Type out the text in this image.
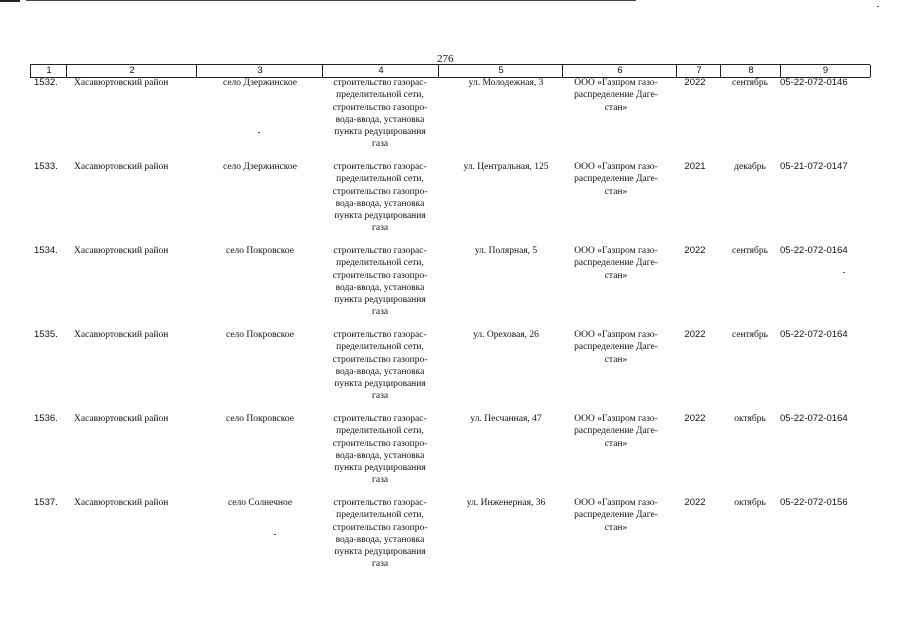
276
1	2	3	4	5	6	7	8	9
1532.	Хасавюртовский район	село Дзержинское	строительство газорас-
пределительной сети,
строительство газопро-
вода-ввода, установка
пункта редуцирования
газа
ул. Молодежная, 3	ООО «Газпром газо-
распределение Даге-
стан»
2022	сентябрь	05-22-072-0146
1533.	Хасавюртовский район	село Дзержинское	строительство газорас-
пределительной сети,
строительство газопро-
вода-ввода, установка
пункта редуцирования
газа
ул. Центральная, 125	ООО «Газпром газо-
распределение Даге-
стан»
2021	декабрь	05-21-072-0147
1534.	Хасавюртовский район	село Покровское	строительство газорас-
пределительной сети,
строительство газопро-
вода-ввода, установка
пункта редуцирования
газа
ул. Полярная, 5	ООО «Газпром газо-
распределение Даге-
стан»
2022	сентябрь	05-22-072-0164
1535.	Хасавюртовский район	село Покровское	строительство газорас-
пределительной сети,
строительство газопро-
вода-ввода, установка
пункта редуцирования
газа
ул. Ореховая, 26	ООО «Газпром газо-
распределение Даге-
стан»
2022	сентябрь	05-22-072-0164
1536.	Хасавюртовский район	село Покровское	строительство газорас-
пределительной сети,
строительство газопро-
вода-ввода, установка
пункта редуцирования
газа
ул. Песчанная, 47	ООО «Газпром газо-
распределение Даге-
стан»
2022	октябрь	05-22-072-0164
1537.	Хасавюртовский район	село Солнечное	строительство газорас-
пределительной сети,
строительство газопро-
вода-ввода, установка
пункта редуцирования
газа
ул. Инженерная, 36	ООО «Газпром газо-
распределение Даге-
стан»
2022	октябрь	05-22-072-0156
